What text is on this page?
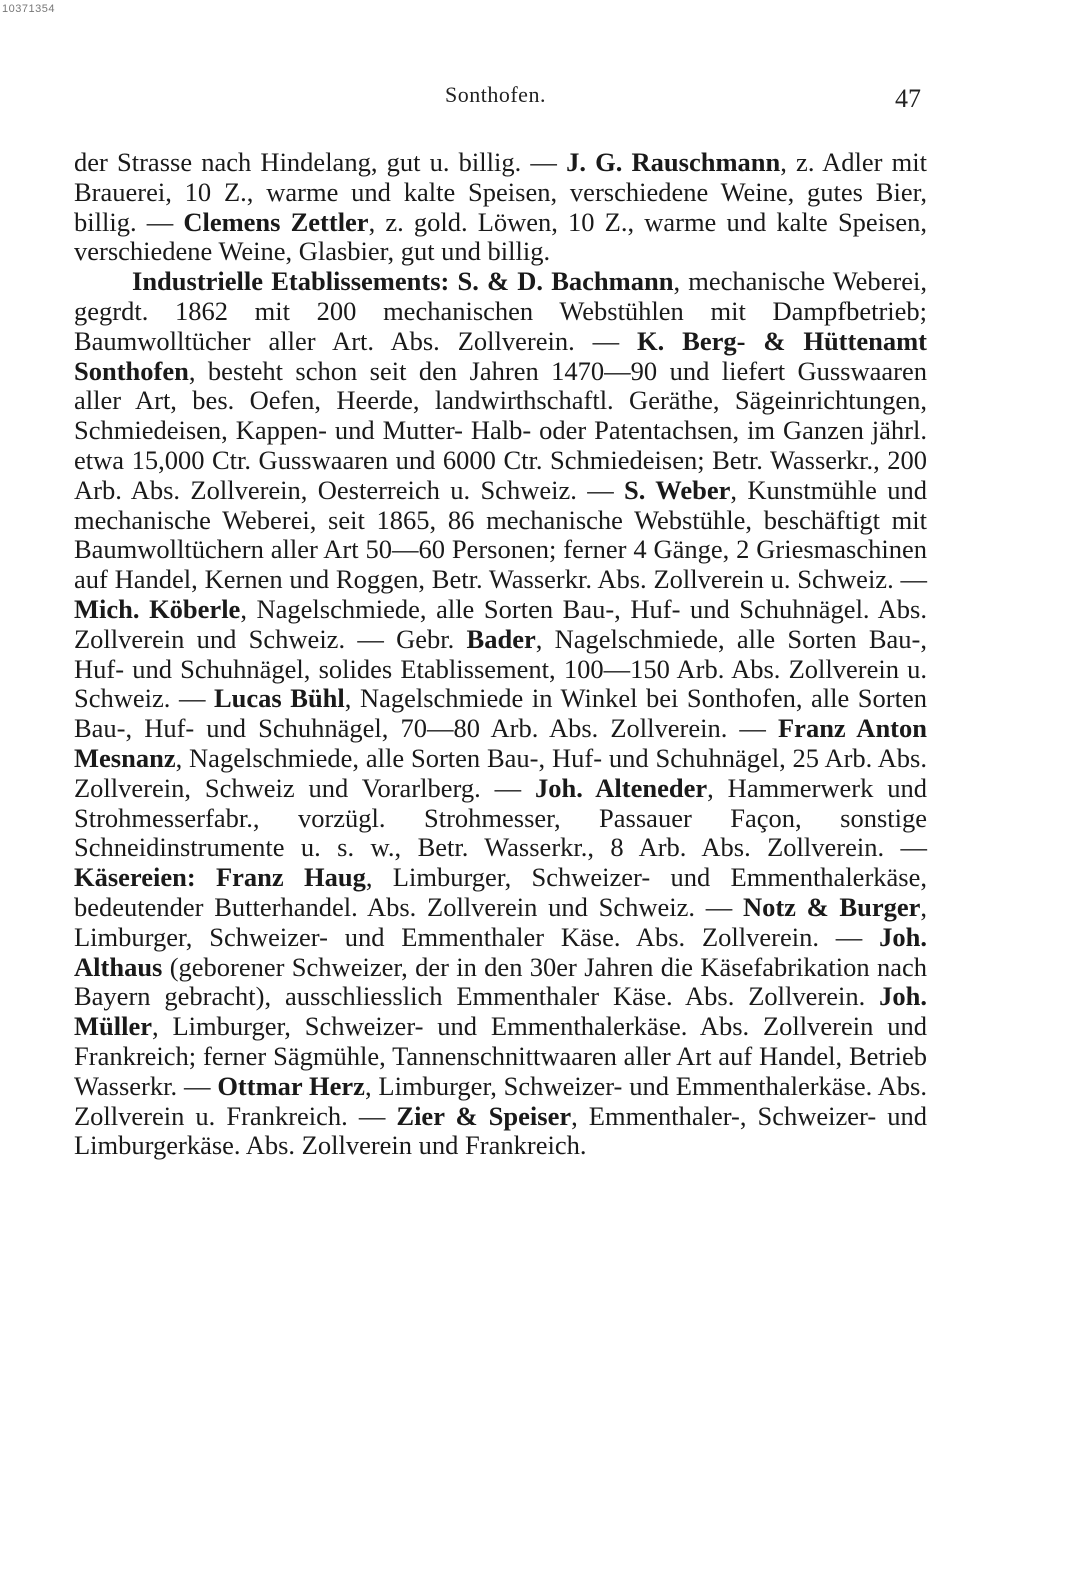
10371354
Sonthofen.	47

der Strasse nach Hindelang, gut u. billig. — J. G. Rauschmann, z. Adler mit Brauerei, 10 Z., warme und kalte Speisen, verschiedene Weine, gutes Bier, billig. — Clemens Zettler, z. gold. Löwen, 10 Z., warme und kalte Speisen, verschiedene Weine, Glasbier, gut und billig.

Industrielle Etablissements: S. & D. Bachmann, mechanische Weberei, gegrdt. 1862 mit 200 mechanischen Webstühlen mit Dampfbetrieb; Baumwolltücher aller Art. Abs. Zollverein. — K. Berg- & Hüttenamt Sonthofen, besteht schon seit den Jahren 1470—90 und liefert Gusswaaren aller Art, bes. Oefen, Heerde, landwirthschaftl. Geräthe, Sägeinrichtungen, Schmiedeisen, Kappen- und Mutter- Halb- oder Patentachsen, im Ganzen jährl. etwa 15,000 Ctr. Gusswaaren und 6000 Ctr. Schmiedeisen; Betr. Wasserkr., 200 Arb. Abs. Zollverein, Oesterreich u. Schweiz. — S. Weber, Kunstmühle und mechanische Weberei, seit 1865, 86 mechanische Webstühle, beschäftigt mit Baumwolltüchern aller Art 50—60 Personen; ferner 4 Gänge, 2 Griesmaschinen auf Handel, Kernen und Roggen, Betr. Wasserkr. Abs. Zollverein u. Schweiz. — Mich. Köberle, Nagelschmiede, alle Sorten Bau-, Huf- und Schuhnägel. Abs. Zollverein und Schweiz. — Gebr. Bader, Nagelschmiede, alle Sorten Bau-, Huf- und Schuhnägel, solides Etablissement, 100—150 Arb. Abs. Zollverein u. Schweiz. — Lucas Bühl, Nagelschmiede in Winkel bei Sonthofen, alle Sorten Bau-, Huf- und Schuhnägel, 70—80 Arb. Abs. Zollverein. — Franz Anton Mesnanz, Nagelschmiede, alle Sorten Bau-, Huf- und Schuhnägel, 25 Arb. Abs. Zollverein, Schweiz und Vorarlberg. — Joh. Alteneder, Hammerwerk und Strohmesserfabr., vorzügl. Strohmesser, Passauer Façon, sonstige Schneidinstrumente u. s. w., Betr. Wasserkr., 8 Arb. Abs. Zollverein. — Käsereien: Franz Haug, Limburger, Schweizer- und Emmenthalerkäse, bedeutender Butterhandel. Abs. Zollverein und Schweiz. — Notz & Burger, Limburger, Schweizer- und Emmenthaler Käse. Abs. Zollverein. — Joh. Althaus (geborener Schweizer, der in den 30er Jahren die Käsefabrikation nach Bayern gebracht), ausschliesslich Emmenthaler Käse. Abs. Zollverein. Joh. Müller, Limburger, Schweizer- und Emmenthalerkäse. Abs. Zollverein und Frankreich; ferner Sägmühle, Tannenschnittwaaren aller Art auf Handel, Betrieb Wasserkr. — Ottmar Herz, Limburger, Schweizer- und Emmenthalerkäse. Abs. Zollverein u. Frankreich. — Zier & Speiser, Emmenthaler-, Schweizer- und Limburgerkäse. Abs. Zollverein und Frankreich.
